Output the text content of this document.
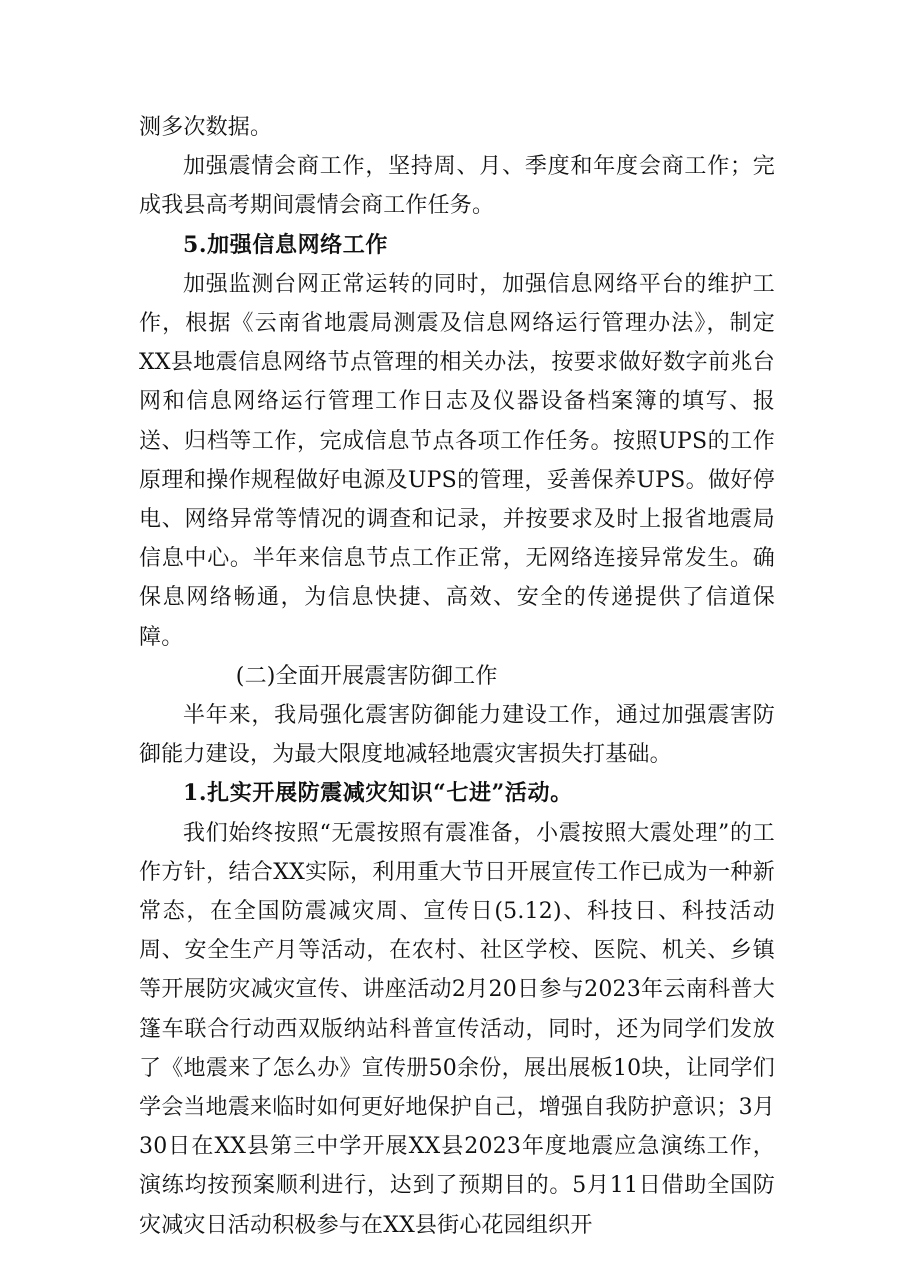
测多次数据。

加强震情会商工作，坚持周、月、季度和年度会商工作；完成我县高考期间震情会商工作任务。

5.加强信息网络工作

加强监测台网正常运转的同时，加强信息网络平台的维护工作，根据《云南省地震局测震及信息网络运行管理办法》，制定XX县地震信息网络节点管理的相关办法，按要求做好数字前兆台网和信息网络运行管理工作日志及仪器设备档案簿的填写、报送、归档等工作，完成信息节点各项工作任务。按照UPS的工作原理和操作规程做好电源及UPS的管理，妥善保养UPS。做好停电、网络异常等情况的调查和记录，并按要求及时上报省地震局信息中心。半年来信息节点工作正常，无网络连接异常发生。确保息网络畅通，为信息快捷、高效、安全的传递提供了信道保障。

(二)全面开展震害防御工作

半年来，我局强化震害防御能力建设工作，通过加强震害防御能力建设，为最大限度地减轻地震灾害损失打基础。

1.扎实开展防震减灾知识“七进”活动。

我们始终按照“无震按照有震准备，小震按照大震处理”的工作方针，结合XX实际，利用重大节日开展宣传工作已成为一种新常态，在全国防震减灾周、宣传日(5.12)、科技日、科技活动周、安全生产月等活动，在农村、社区学校、医院、机关、乡镇等开展防灾减灾宣传、讲座活动2月20日参与2023年云南科普大篷车联合行动西双版纳站科普宣传活动，同时，还为同学们发放了《地震来了怎么办》宣传册50余份，展出展板10块，让同学们学会当地震来临时如何更好地保护自己，增强自我防护意识；3月30日在XX县第三中学开展XX县2023年度地震应急演练工作，演练均按预案顺利进行，达到了预期目的。5月11日借助全国防灾减灾日活动积极参与在XX县街心花园组织开
